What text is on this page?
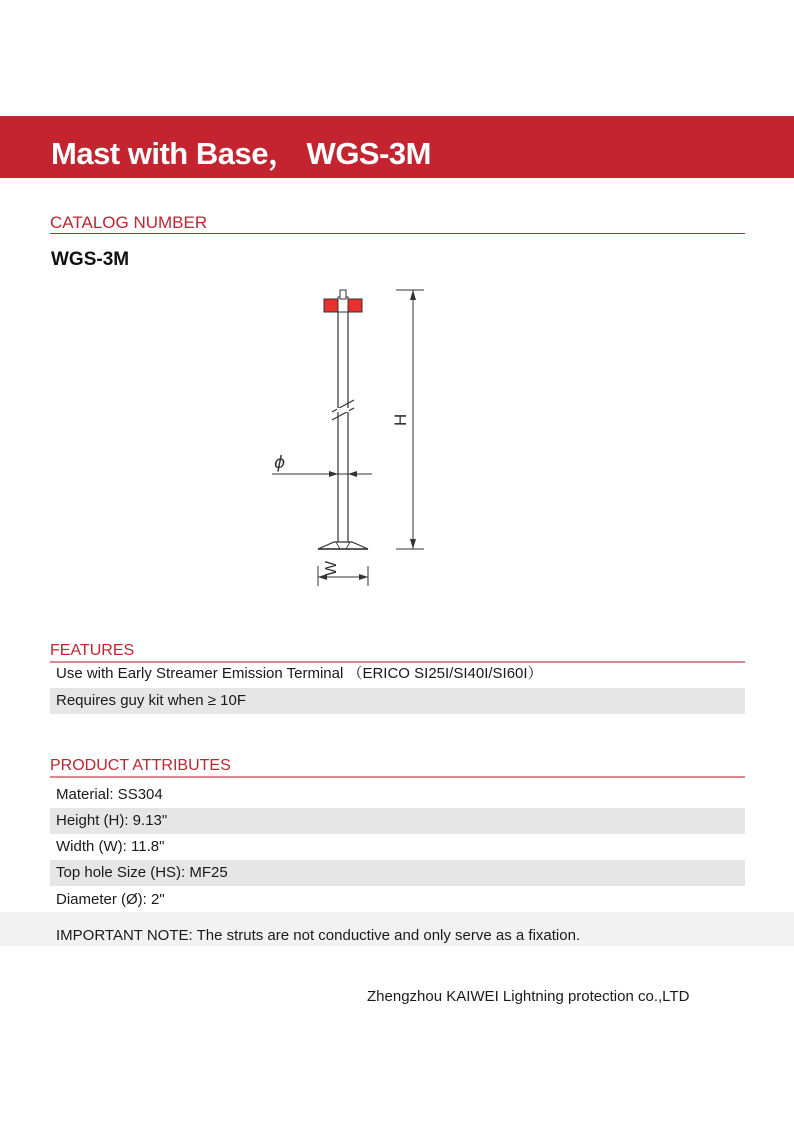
Mast with Base， WGS-3M
CATALOG NUMBER
WGS-3M
ϕ
H
W
FEATURES
Use with Early Streamer Emission Terminal （ERICO SI25I/SI40I/SI60I）
Requires guy kit when ≥ 10F
PRODUCT ATTRIBUTES
Material: SS304
Height (H): 9.13"
Width (W): 11.8"
Top hole Size (HS): MF25
Diameter (Ø): 2"
IMPORTANT NOTE: The struts are not conductive and only serve as a fixation.
Zhengzhou KAIWEI Lightning protection co.,LTD
